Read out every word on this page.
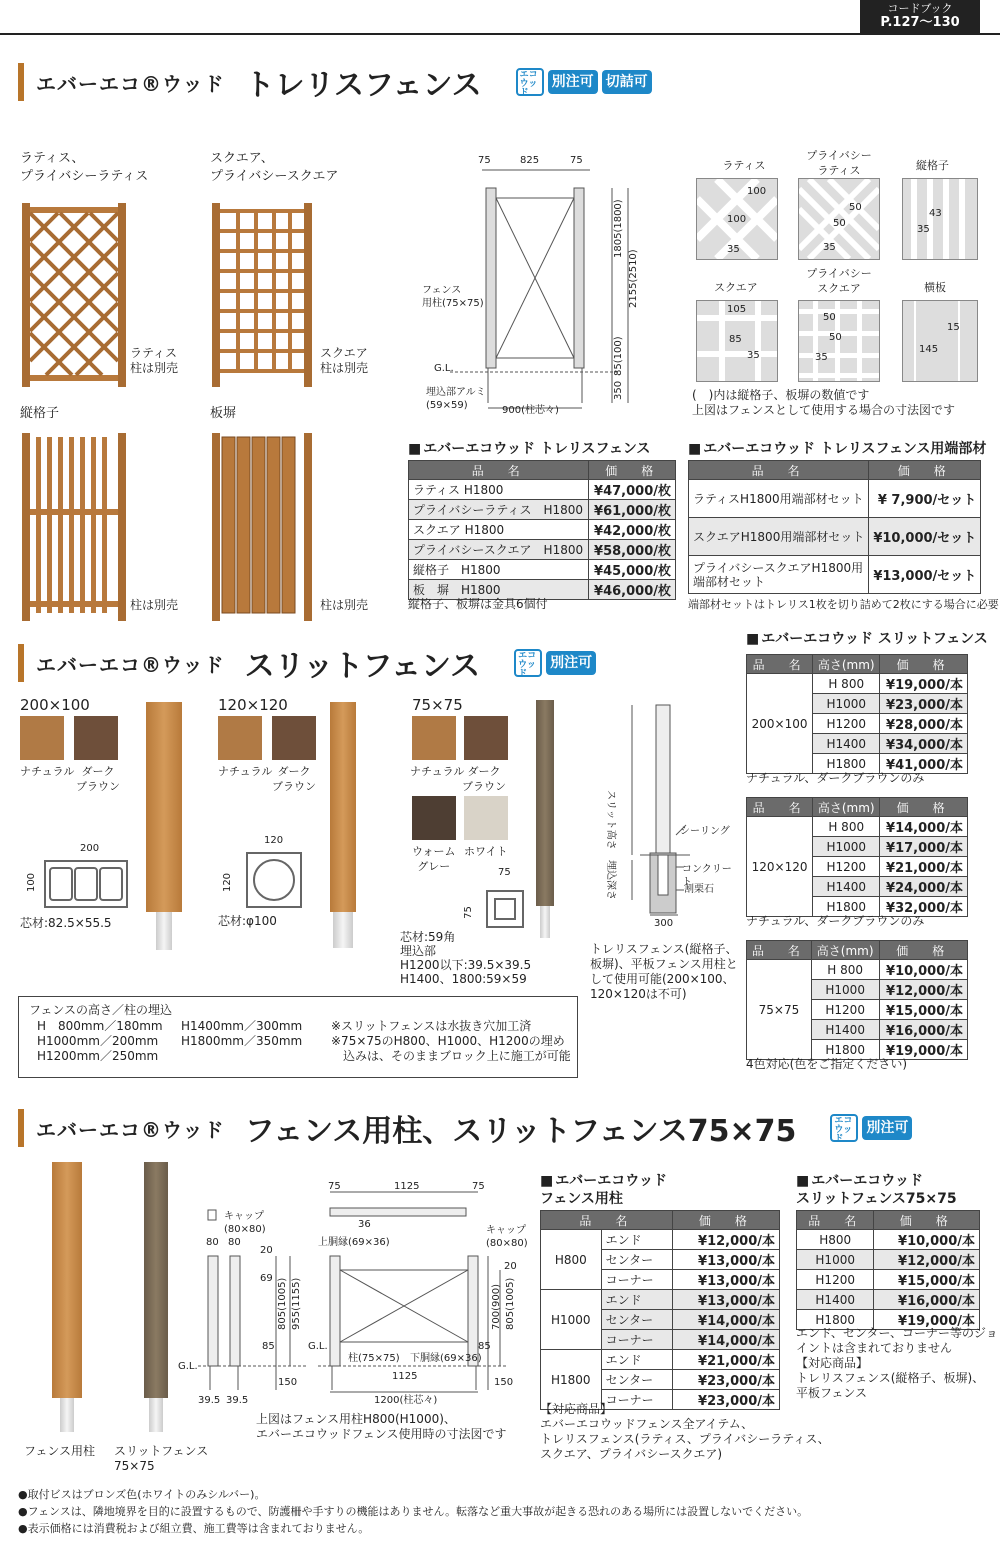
コードブック
P.127〜130
エバーエコ®ウッド トレリスフェンス	エコウッド
別注可 切詰可
ラティス、
プライバシーラティス
ラティス
柱は別売
スクエア、
プライバシースクエア
スクエア
柱は別売
縦格子
柱は別売
板塀
柱は別売
75	825	75
1805(1800)
2155(2510)
85(100)
350
フェンス
用柱(75×75)
G.L.
埋込部アルミ
(59×59)	900(柱芯々)
ラティス
100
100
35
プライバシー
ラティス
50
50
35
縦格子
43
35
スクエア
105
85
35
プライバシー
スクエア
50
50
35
横板
15
145
(　)内は縦格子、板塀の数値です
上図はフェンスとして使用する場合の寸法図です
■ エバーエコウッド トレリスフェンス
品　名	価　格
ラティス H1800	¥47,000/枚
プライバシーラティス　H1800	¥61,000/枚
スクエア H1800	¥42,000/枚
プライバシースクエア　H1800	¥58,000/枚
縦格子　H1800	¥45,000/枚
板　塀　H1800	¥46,000/枚
縦格子、板塀は金具6個付
■ エバーエコウッド トレリスフェンス用端部材
品　名	価　格
ラティスH1800用端部材セット	¥ 7,900/セット
スクエアH1800用端部材セット	¥10,000/セット
プライバシースクエアH1800用
端部材セット	¥13,000/セット
端部材セットはトレリス1枚を切り詰めて2枚にする場合に必要
エバーエコ®ウッド スリットフェンス	エコウッド
別注可
200×100
ナチュラル ダーク
ブラウン
200
100
芯材:82.5×55.5
120×120
ナチュラル ダーク
ブラウン
120
120
芯材:φ100
75×75
ナチュラル ダーク
ブラウン
ウォーム
グレー
ホワイト
75
75
芯材:59角
埋込部
H1200以下:39.5×39.5
H1400、1800:59×59
スリット高さ
埋込深さ
シーリング
コンクリート
割栗石
300
トレリスフェンス(縦格子、
板塀)、平板フェンス用柱と
して使用可能(200×100、
120×120は不可)
フェンスの高さ／柱の埋込
H　800mm／180mm
H1000mm／200mm
H1200mm／250mm
H1400mm／300mm
H1800mm／350mm
※スリットフェンスは水抜き穴加工済
※75×75のH800、H1000、H1200の埋め
　込みは、そのままブロック上に施工が可能
■ エバーエコウッド スリットフェンス
品　名	高さ(mm)	価　格
200×100	H 800	¥19,000/本
	H1000	¥23,000/本
	H1200	¥28,000/本
	H1400	¥34,000/本
	H1800	¥41,000/本
ナチュラル、ダークブラウンのみ
品　名	高さ(mm)	価　格
120×120	H 800	¥14,000/本
	H1000	¥17,000/本
	H1200	¥21,000/本
	H1400	¥24,000/本
	H1800	¥32,000/本
ナチュラル、ダークブラウンのみ
品　名	高さ(mm)	価　格
75×75	H 800	¥10,000/本
	H1000	¥12,000/本
	H1200	¥15,000/本
	H1400	¥16,000/本
	H1800	¥19,000/本
4色対応(色をご指定ください)
エバーエコ®ウッド フェンス用柱、スリットフェンス75×75	エコウッド
別注可
フェンス用柱 スリットフェンス
75×75
キャップ
(80×80)
80 80
20
69 805(1005) 955(1155)
85
150
G.L.
39.5 39.5
75	1125	75
36
上胴縁(69×36)
キャップ
(80×80)
20
700(900) 805(1005)
85
150
G.L.
柱(75×75) 下胴縁(69×36)
1125
1200(柱芯々)
上図はフェンス用柱H800(H1000)、
エバーエコウッドフェンス使用時の寸法図です
■ エバーエコウッド
フェンス用柱
品　名		価　格
H800	エンド	¥12,000/本
	センター	¥13,000/本
	コーナー	¥13,000/本
H1000	エンド	¥13,000/本
	センター	¥14,000/本
	コーナー	¥14,000/本
H1800	エンド	¥21,000/本
	センター	¥23,000/本
	コーナー	¥23,000/本
【対応商品】
エバーエコウッドフェンス全アイテム、
トレリスフェンス(ラティス、プライバシーラティス、
スクエア、プライバシースクエア)
■ エバーエコウッド
スリットフェンス75×75
品　名	価　格
H800	¥10,000/本
H1000	¥12,000/本
H1200	¥15,000/本
H1400	¥16,000/本
H1800	¥19,000/本
エンド、センター、コーナー等のジョ
イントは含まれておりません
【対応商品】
トレリスフェンス(縦格子、板塀)、
平板フェンス
●取付ビスはブロンズ色(ホワイトのみシルバー)。
●フェンスは、隣地境界を目的に設置するもので、防護柵や手すりの機能はありません。転落など重大事故が起きる恐れのある場所には設置しないでください。
●表示価格には消費税および組立費、施工費等は含まれておりません。
